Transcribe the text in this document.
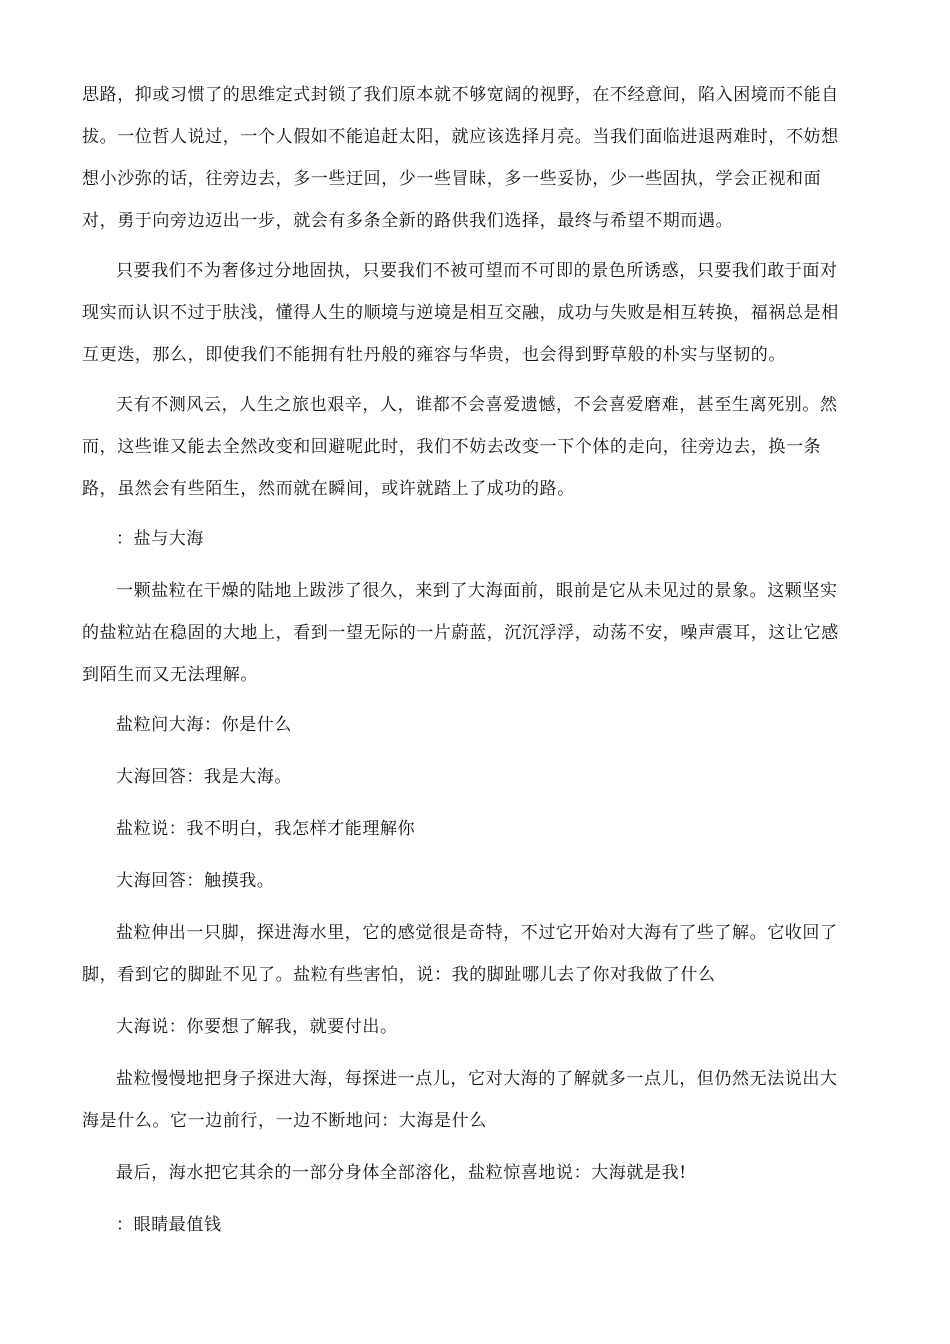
思路，抑或习惯了的思维定式封锁了我们原本就不够宽阔的视野，在不经意间，陷入困境而不能自
拔。一位哲人说过，一个人假如不能追赶太阳，就应该选择月亮。当我们面临进退两难时，不妨想
想小沙弥的话，往旁边去，多一些迂回，少一些冒昧，多一些妥协，少一些固执，学会正视和面
对，勇于向旁边迈出一步，就会有多条全新的路供我们选择，最终与希望不期而遇。
只要我们不为奢侈过分地固执，只要我们不被可望而不可即的景色所诱惑，只要我们敢于面对
现实而认识不过于肤浅，懂得人生的顺境与逆境是相互交融，成功与失败是相互转换，福祸总是相
互更迭，那么，即使我们不能拥有牡丹般的雍容与华贵，也会得到野草般的朴实与坚韧的。
天有不测风云，人生之旅也艰辛，人，谁都不会喜爱遗憾，不会喜爱磨难，甚至生离死别。然
而，这些谁又能去全然改变和回避呢此时，我们不妨去改变一下个体的走向，往旁边去，换一条
路，虽然会有些陌生，然而就在瞬间，或许就踏上了成功的路。
：盐与大海
一颗盐粒在干燥的陆地上跋涉了很久，来到了大海面前，眼前是它从未见过的景象。这颗坚实
的盐粒站在稳固的大地上，看到一望无际的一片蔚蓝，沉沉浮浮，动荡不安，噪声震耳，这让它感
到陌生而又无法理解。
盐粒问大海：你是什么
大海回答：我是大海。
盐粒说：我不明白，我怎样才能理解你
大海回答：触摸我。
盐粒伸出一只脚，探进海水里，它的感觉很是奇特，不过它开始对大海有了些了解。它收回了
脚，看到它的脚趾不见了。盐粒有些害怕，说：我的脚趾哪儿去了你对我做了什么
大海说：你要想了解我，就要付出。
盐粒慢慢地把身子探进大海，每探进一点儿，它对大海的了解就多一点儿，但仍然无法说出大
海是什么。它一边前行，一边不断地问：大海是什么
最后，海水把它其余的一部分身体全部溶化，盐粒惊喜地说：大海就是我!
：眼睛最值钱
